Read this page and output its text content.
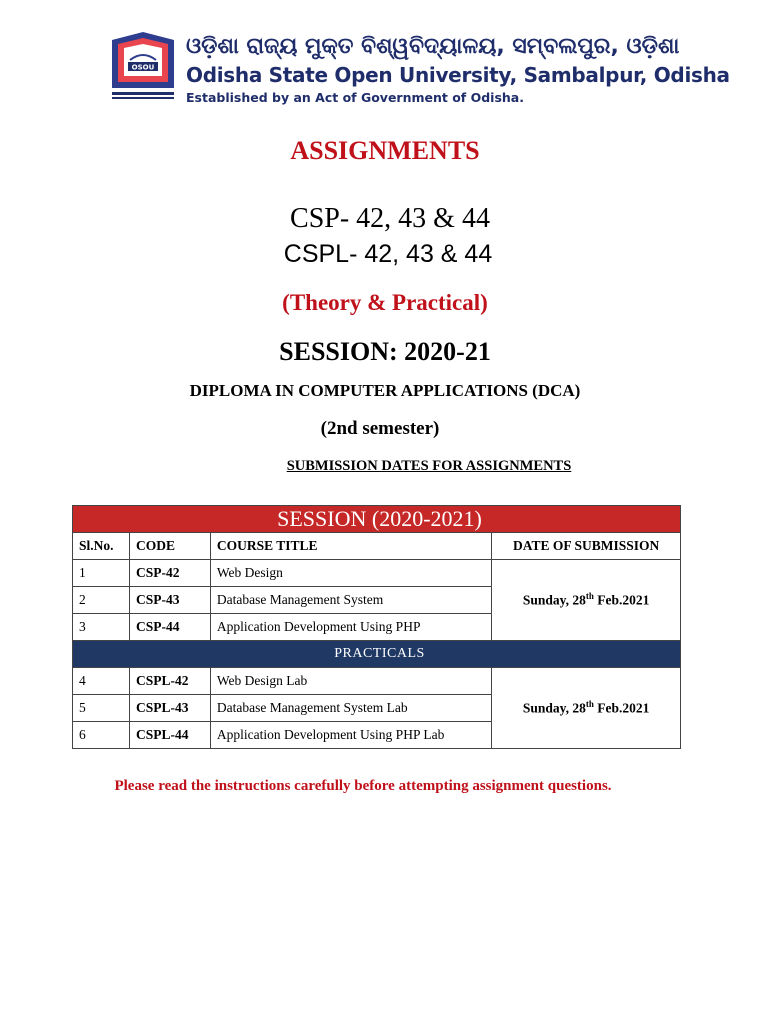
OSOU
ଓଡ଼ିଶା ରାଜ୍ୟ ମୁକ୍ତ ବିଶ୍ୱବିଦ୍ୟାଳୟ, ସମ୍ବଲପୁର, ଓଡ଼ିଶା
Odisha State Open University, Sambalpur, Odisha
Established by an Act of Government of Odisha.
ASSIGNMENTS
CSP- 42, 43 & 44
CSPL- 42, 43 & 44
(Theory & Practical)
SESSION: 2020-21
DIPLOMA IN COMPUTER APPLICATIONS (DCA)
(2nd semester)
SUBMISSION DATES FOR ASSIGNMENTS
SESSION (2020-2021)			
Sl.No.	CODE	COURSE TITLE	DATE OF SUBMISSION
1	CSP-42	Web Design	Sunday, 28th Feb.2021
2	CSP-43	Database Management System	
3	CSP-44	Application Development Using PHP	
PRACTICALS			
4	CSPL-42	Web Design Lab	Sunday, 28th Feb.2021
5	CSPL-43	Database Management System Lab	
6	CSPL-44	Application Development Using PHP Lab	
Please read the instructions carefully before attempting assignment questions.
